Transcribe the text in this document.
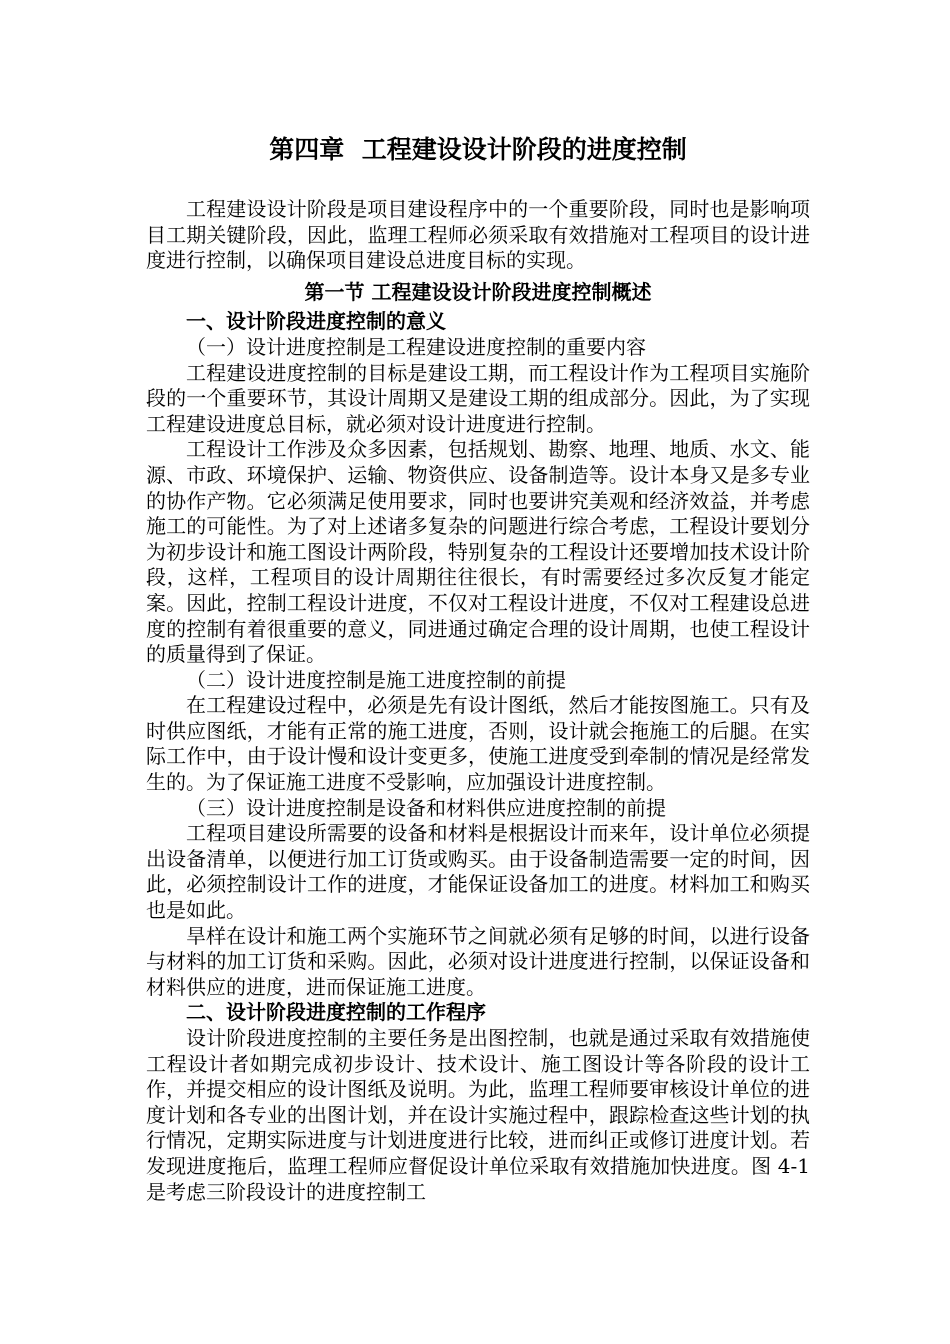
第四章  工程建设设计阶段的进度控制

工程建设设计阶段是项目建设程序中的一个重要阶段，同时也是影响项目工期关键阶段，因此，监理工程师必须采取有效措施对工程项目的设计进度进行控制，以确保项目建设总进度目标的实现。

第一节 工程建设设计阶段进度控制概述

一、设计阶段进度控制的意义

（一）设计进度控制是工程建设进度控制的重要内容

工程建设进度控制的目标是建设工期，而工程设计作为工程项目实施阶段的一个重要环节，其设计周期又是建设工期的组成部分。因此，为了实现工程建设进度总目标，就必须对设计进度进行控制。

工程设计工作涉及众多因素，包括规划、勘察、地理、地质、水文、能源、市政、环境保护、运输、物资供应、设备制造等。设计本身又是多专业的协作产物。它必须满足使用要求，同时也要讲究美观和经济效益，并考虑施工的可能性。为了对上述诸多复杂的问题进行综合考虑，工程设计要划分为初步设计和施工图设计两阶段，特别复杂的工程设计还要增加技术设计阶段，这样，工程项目的设计周期往往很长，有时需要经过多次反复才能定案。因此，控制工程设计进度，不仅对工程设计进度，不仅对工程建设总进度的控制有着很重要的意义，同进通过确定合理的设计周期，也使工程设计的质量得到了保证。

（二）设计进度控制是施工进度控制的前提

在工程建设过程中，必须是先有设计图纸，然后才能按图施工。只有及时供应图纸，才能有正常的施工进度，否则，设计就会拖施工的后腿。在实际工作中，由于设计慢和设计变更多，使施工进度受到牵制的情况是经常发生的。为了保证施工进度不受影响，应加强设计进度控制。

（三）设计进度控制是设备和材料供应进度控制的前提

工程项目建设所需要的设备和材料是根据设计而来年，设计单位必须提出设备清单，以便进行加工订货或购买。由于设备制造需要一定的时间，因此，必须控制设计工作的进度，才能保证设备加工的进度。材料加工和购买也是如此。

旱样在设计和施工两个实施环节之间就必须有足够的时间，以进行设备与材料的加工订货和采购。因此，必须对设计进度进行控制，以保证设备和材料供应的进度，进而保证施工进度。

二、设计阶段进度控制的工作程序

设计阶段进度控制的主要任务是出图控制，也就是通过采取有效措施使工程设计者如期完成初步设计、技术设计、施工图设计等各阶段的设计工作，并提交相应的设计图纸及说明。为此，监理工程师要审核设计单位的进度计划和各专业的出图计划，并在设计实施过程中，跟踪检查这些计划的执行情况，定期实际进度与计划进度进行比较，进而纠正或修订进度计划。若发现进度拖后，监理工程师应督促设计单位采取有效措施加快进度。图 4-1 是考虑三阶段设计的进度控制工
